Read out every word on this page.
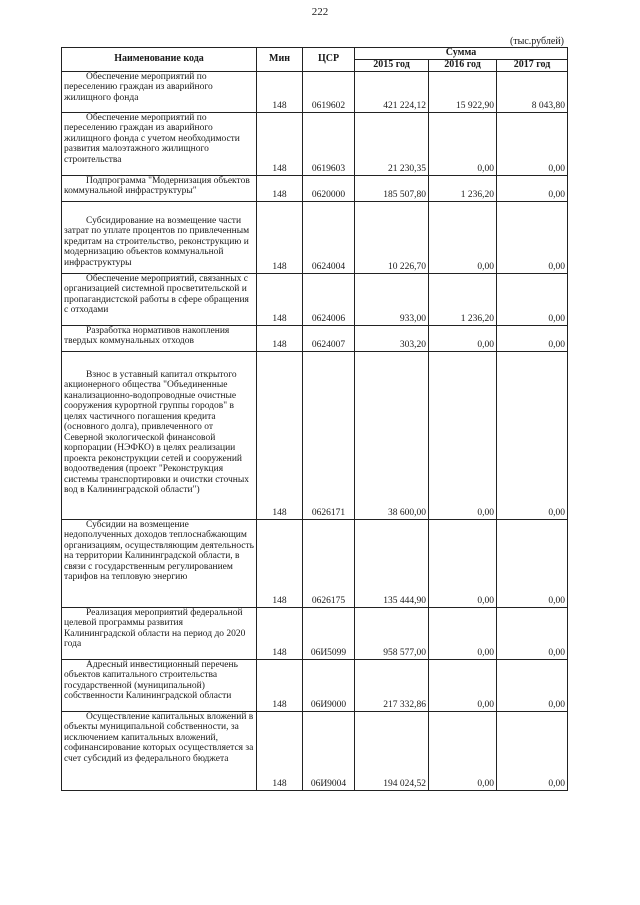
222
(тыс.рублей)
Наименование кода	Мин	ЦСР	Сумма		
			2015 год	2016 год	2017 год

Обеспечение мероприятий по переселению граждан из аварийного жилищного фонда	148	0619602	421 224,12	15 922,90	8 043,80

Обеспечение мероприятий по переселению граждан из аварийного жилищного фонда с учетом необходимости развития малоэтажного жилищного строительства	148	0619603	21 230,35	0,00	0,00

Подпрограмма "Модернизация объектов коммунальной инфраструктуры"	148	0620000	185 507,80	1 236,20	0,00

Субсидирование на возмещение части затрат по уплате процентов по привлеченным кредитам на строительство, реконструкцию и модернизацию объектов коммунальной инфраструктуры	148	0624004	10 226,70	0,00	0,00

Обеспечение мероприятий, связанных с организацией системной просветительской и пропагандистской работы в сфере обращения с отходами	148	0624006	933,00	1 236,20	0,00

Разработка нормативов накопления твердых коммунальных отходов	148	0624007	303,20	0,00	0,00

Взнос в уставный капитал открытого акционерного общества "Объединенные канализационно-водопроводные очистные сооружения курортной группы городов" в целях частичного погашения кредита (основного долга), привлеченного от Северной экологической финансовой корпорации (НЭФКО) в целях реализации проекта реконструкции сетей и сооружений водоотведения (проект "Реконструкция системы транспортировки и очистки сточных вод в Калининградской области")	148	0626171	38 600,00	0,00	0,00

Субсидии на возмещение недополученных доходов теплоснабжающим организациям, осуществляющим деятельность на территории Калининградской области, в связи с государственным регулированием тарифов на тепловую энергию	148	0626175	135 444,90	0,00	0,00

Реализация мероприятий федеральной целевой программы развития Калининградской области на период до 2020 года	148	06И5099	958 577,00	0,00	0,00

Адресный инвестиционный перечень объектов капитального строительства государственной (муниципальной) собственности Калининградской области	148	06И9000	217 332,86	0,00	0,00

Осуществление капитальных вложений в объекты муниципальной собственности, за исключением капитальных вложений, софинансирование которых осуществляется за счет субсидий из федерального бюджета	148	06И9004	194 024,52	0,00	0,00
